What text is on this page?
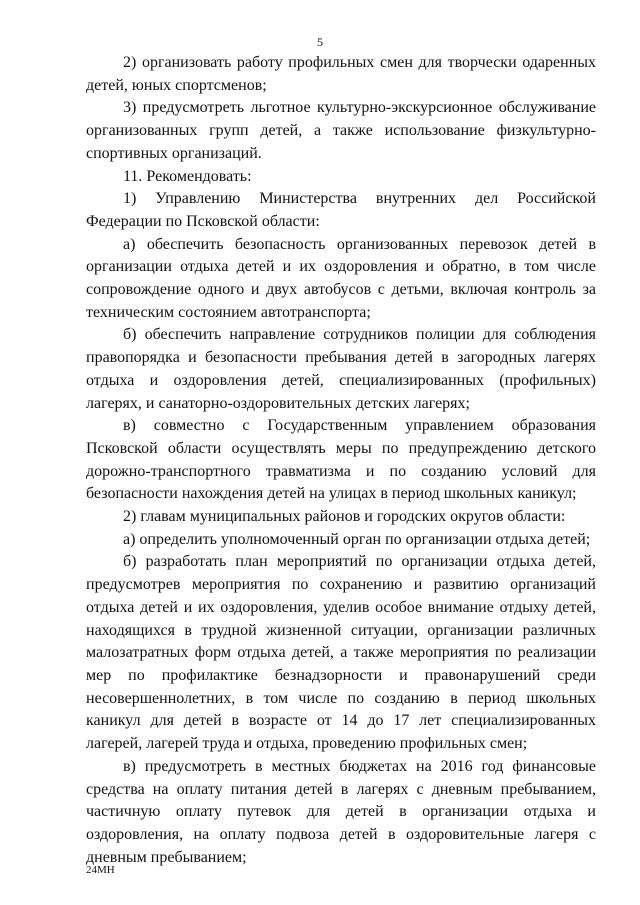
5

2) организовать работу профильных смен для творчески одаренных детей, юных спортсменов;

3) предусмотреть льготное культурно-экскурсионное обслуживание организованных групп детей, а также использование физкультурно-спортивных организаций.

11. Рекомендовать:

1) Управлению Министерства внутренних дел Российской Федерации по Псковской области:

а) обеспечить безопасность организованных перевозок детей в организации отдыха детей и их оздоровления и обратно, в том числе сопровождение одного и двух автобусов с детьми, включая контроль за техническим состоянием автотранспорта;

б) обеспечить направление сотрудников полиции для соблюдения правопорядка и безопасности пребывания детей в загородных лагерях отдыха и оздоровления детей, специализированных (профильных) лагерях, и санаторно-оздоровительных детских лагерях;

в) совместно с Государственным управлением образования Псковской области осуществлять меры по предупреждению детского дорожно-транспортного травматизма и по созданию условий для безопасности нахождения детей на улицах в период школьных каникул;

2) главам муниципальных районов и городских округов области:

а) определить уполномоченный орган по организации отдыха детей;

б) разработать план мероприятий по организации отдыха детей, предусмотрев мероприятия по сохранению и развитию организаций отдыха детей и их оздоровления, уделив особое внимание отдыху детей, находящихся в трудной жизненной ситуации, организации различных малозатратных форм отдыха детей, а также мероприятия по реализации мер по профилактике безнадзорности и правонарушений среди несовершеннолетних, в том числе по созданию в период школьных каникул для детей в возрасте от 14 до 17 лет специализированных лагерей, лагерей труда и отдыха, проведению профильных смен;

в) предусмотреть в местных бюджетах на 2016 год финансовые средства на оплату питания детей в лагерях с дневным пребыванием, частичную оплату путевок для детей в организации отдыха и оздоровления, на оплату подвоза детей в оздоровительные лагеря с дневным пребыванием;

24МН
